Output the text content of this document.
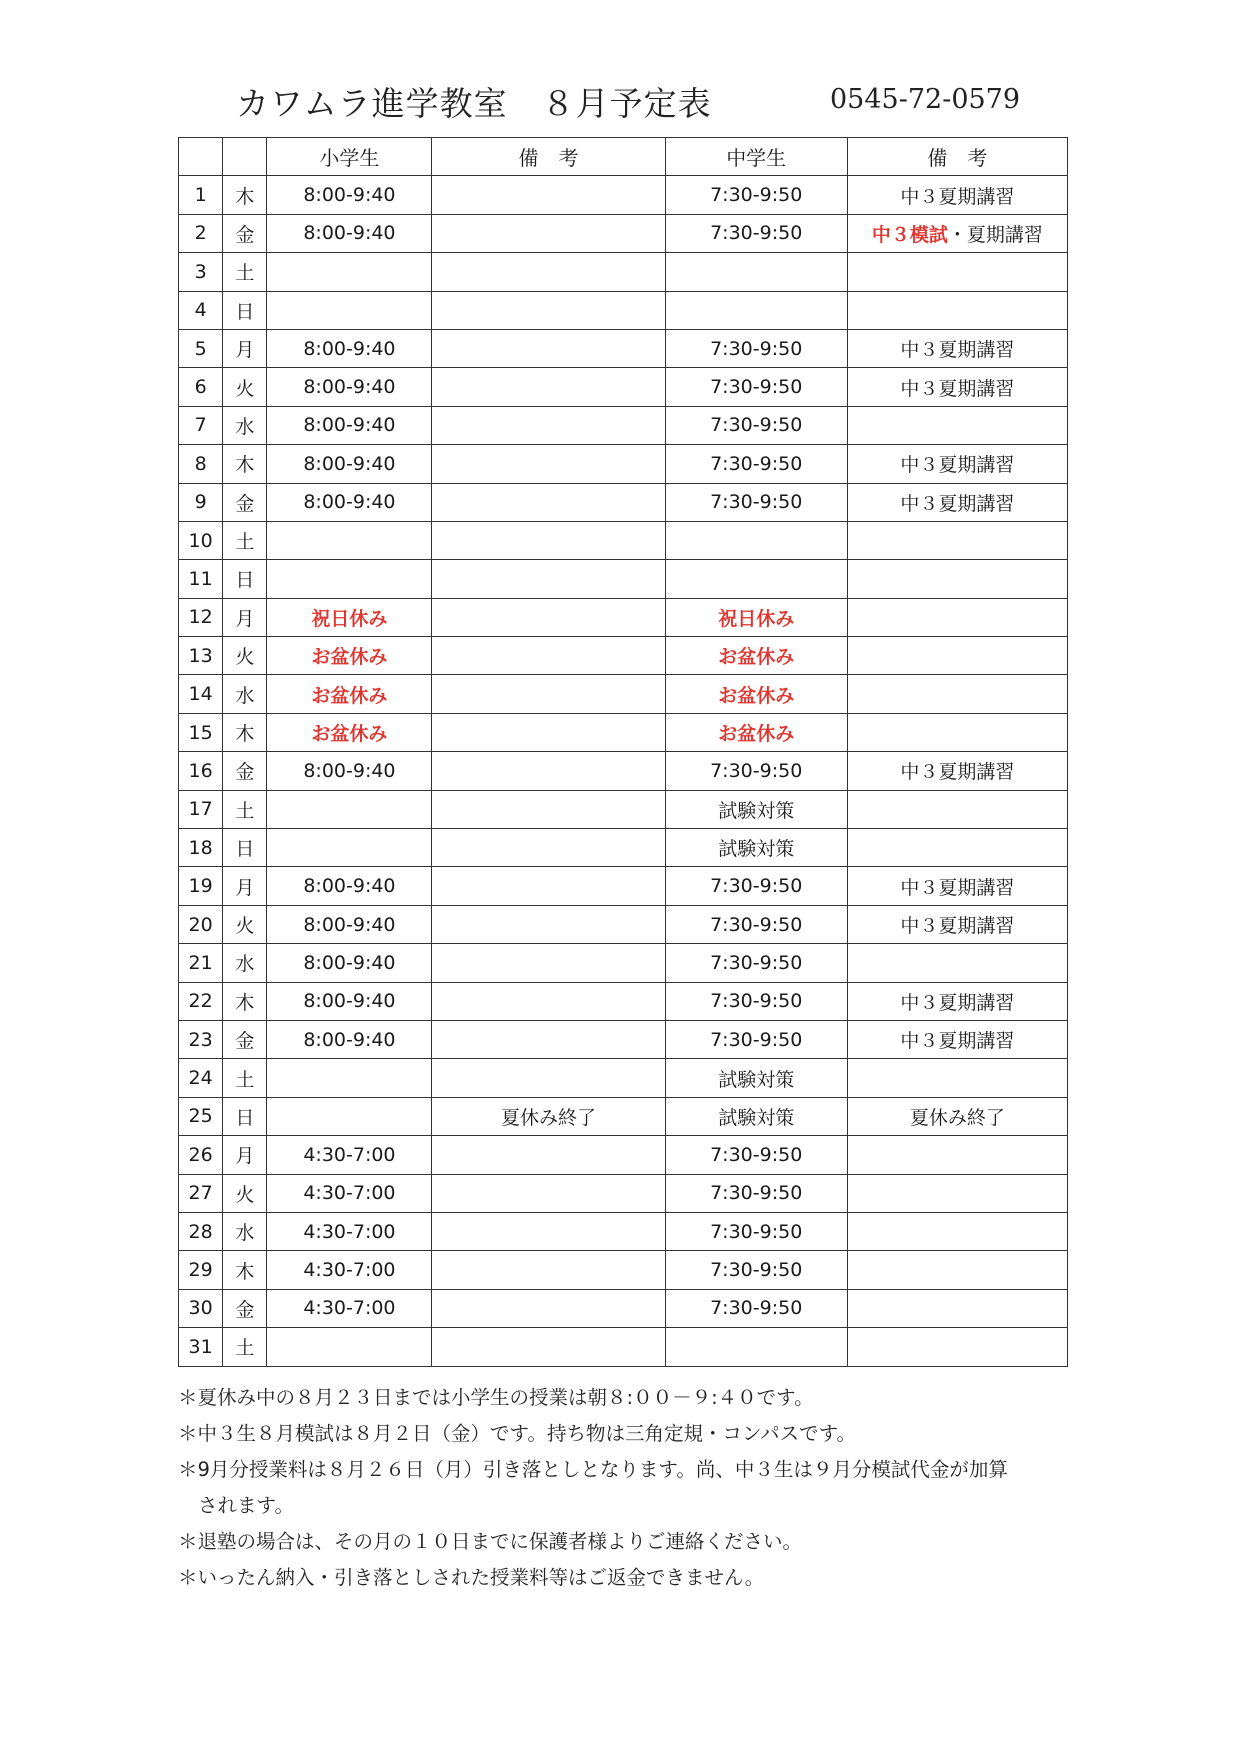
カワムラ進学教室　８月予定表	0545-72-0579
		小学生	備　考	中学生	備　考
1	木	8:00-9:40		7:30-9:50	中３夏期講習
2	金	8:00-9:40		7:30-9:50	中３模試・夏期講習
3	土				
4	日				
5	月	8:00-9:40		7:30-9:50	中３夏期講習
6	火	8:00-9:40		7:30-9:50	中３夏期講習
7	水	8:00-9:40		7:30-9:50	
8	木	8:00-9:40		7:30-9:50	中３夏期講習
9	金	8:00-9:40		7:30-9:50	中３夏期講習
10	土				
11	日				
12	月	祝日休み		祝日休み	
13	火	お盆休み		お盆休み	
14	水	お盆休み		お盆休み	
15	木	お盆休み		お盆休み	
16	金	8:00-9:40		7:30-9:50	中３夏期講習
17	土			試験対策	
18	日			試験対策	
19	月	8:00-9:40		7:30-9:50	中３夏期講習
20	火	8:00-9:40		7:30-9:50	中３夏期講習
21	水	8:00-9:40		7:30-9:50	
22	木	8:00-9:40		7:30-9:50	中３夏期講習
23	金	8:00-9:40		7:30-9:50	中３夏期講習
24	土			試験対策	
25	日		夏休み終了	試験対策	夏休み終了
26	月	4:30-7:00		7:30-9:50	
27	火	4:30-7:00		7:30-9:50	
28	水	4:30-7:00		7:30-9:50	
29	木	4:30-7:00		7:30-9:50	
30	金	4:30-7:00		7:30-9:50	
31	土				
＊夏休み中の８月２３日までは小学生の授業は朝８:００－９:４０です。
＊中３生８月模試は８月２日（金）です。持ち物は三角定規・コンパスです。
＊9月分授業料は８月２６日（月）引き落としとなります。尚、中３生は９月分模試代金が加算
されます。
＊退塾の場合は、その月の１０日までに保護者様よりご連絡ください。
＊いったん納入・引き落としされた授業料等はご返金できません。
